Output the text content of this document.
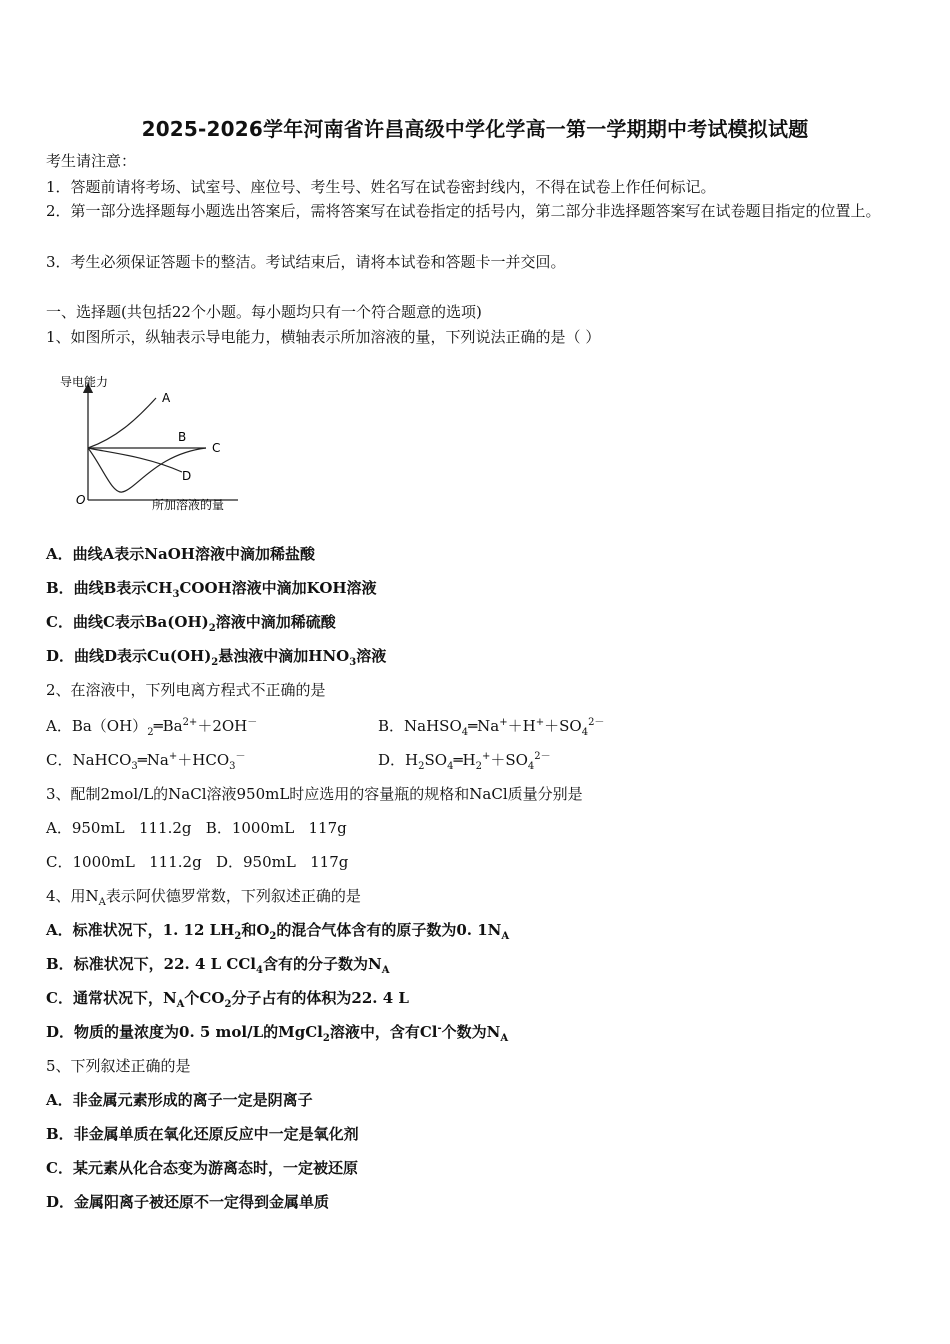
2025-2026学年河南省许昌高级中学化学高一第一学期期中考试模拟试题
考生请注意：
1．答题前请将考场、试室号、座位号、考生号、姓名写在试卷密封线内，不得在试卷上作任何标记。
2．第一部分选择题每小题选出答案后，需将答案写在试卷指定的括号内，第二部分非选择题答案写在试卷题目指定的位置上。
3．考生必须保证答题卡的整洁。考试结束后，请将本试卷和答题卡一并交回。
一、选择题(共包括22个小题。每小题均只有一个符合题意的选项)
1、如图所示，纵轴表示导电能力，横轴表示所加溶液的量，下列说法正确的是（ ）
导电能力
O	所加溶液的量
A
B
C
D
A．曲线A表示NaOH溶液中滴加稀盐酸
B．曲线B表示$CH_3COOH$溶液中滴加KOH溶液
C．曲线C表示$Ba(OH)_2$溶液中滴加稀硫酸
D．曲线D表示$Cu(OH)_2$悬浊液中滴加$HNO_3$溶液
2、在溶液中，下列电离方程式不正确的是
A．$Ba(OH)_2═Ba^{2+}+2OH^-$	B．$NaHSO_4═Na^++H^++SO_4^{2-}$
C．$NaHCO_3═Na^++HCO_3^-$	D．$H_2SO_4═H_2^++SO_4^{2-}$
3、配制2mol/L的NaCl溶液950mL时应选用的容量瓶的规格和NaCl质量分别是
A．950mL   111.2g   B．1000mL   117g
C．1000mL   111.2g   D．950mL   117g
4、用$N_A$表示阿伏德罗常数，下列叙述正确的是
A．标准状况下，1. 12 $LH_2$和$O_2$的混合气体含有的原子数为0. $1N_A$
B．标准状况下，22. 4 L CCl$_4$含有的分子数为$N_A$
C．通常状况下，$N_A$个$CO_2$分子占有的体积为22. 4 L
D．物质的量浓度为0. 5 mol/L的MgCl$_2$溶液中，含有Cl-个数为$N_A$
5、下列叙述正确的是
A．非金属元素形成的离子一定是阴离子
B．非金属单质在氧化还原反应中一定是氧化剂
C．某元素从化合态变为游离态时，一定被还原
D．金属阳离子被还原不一定得到金属单质
